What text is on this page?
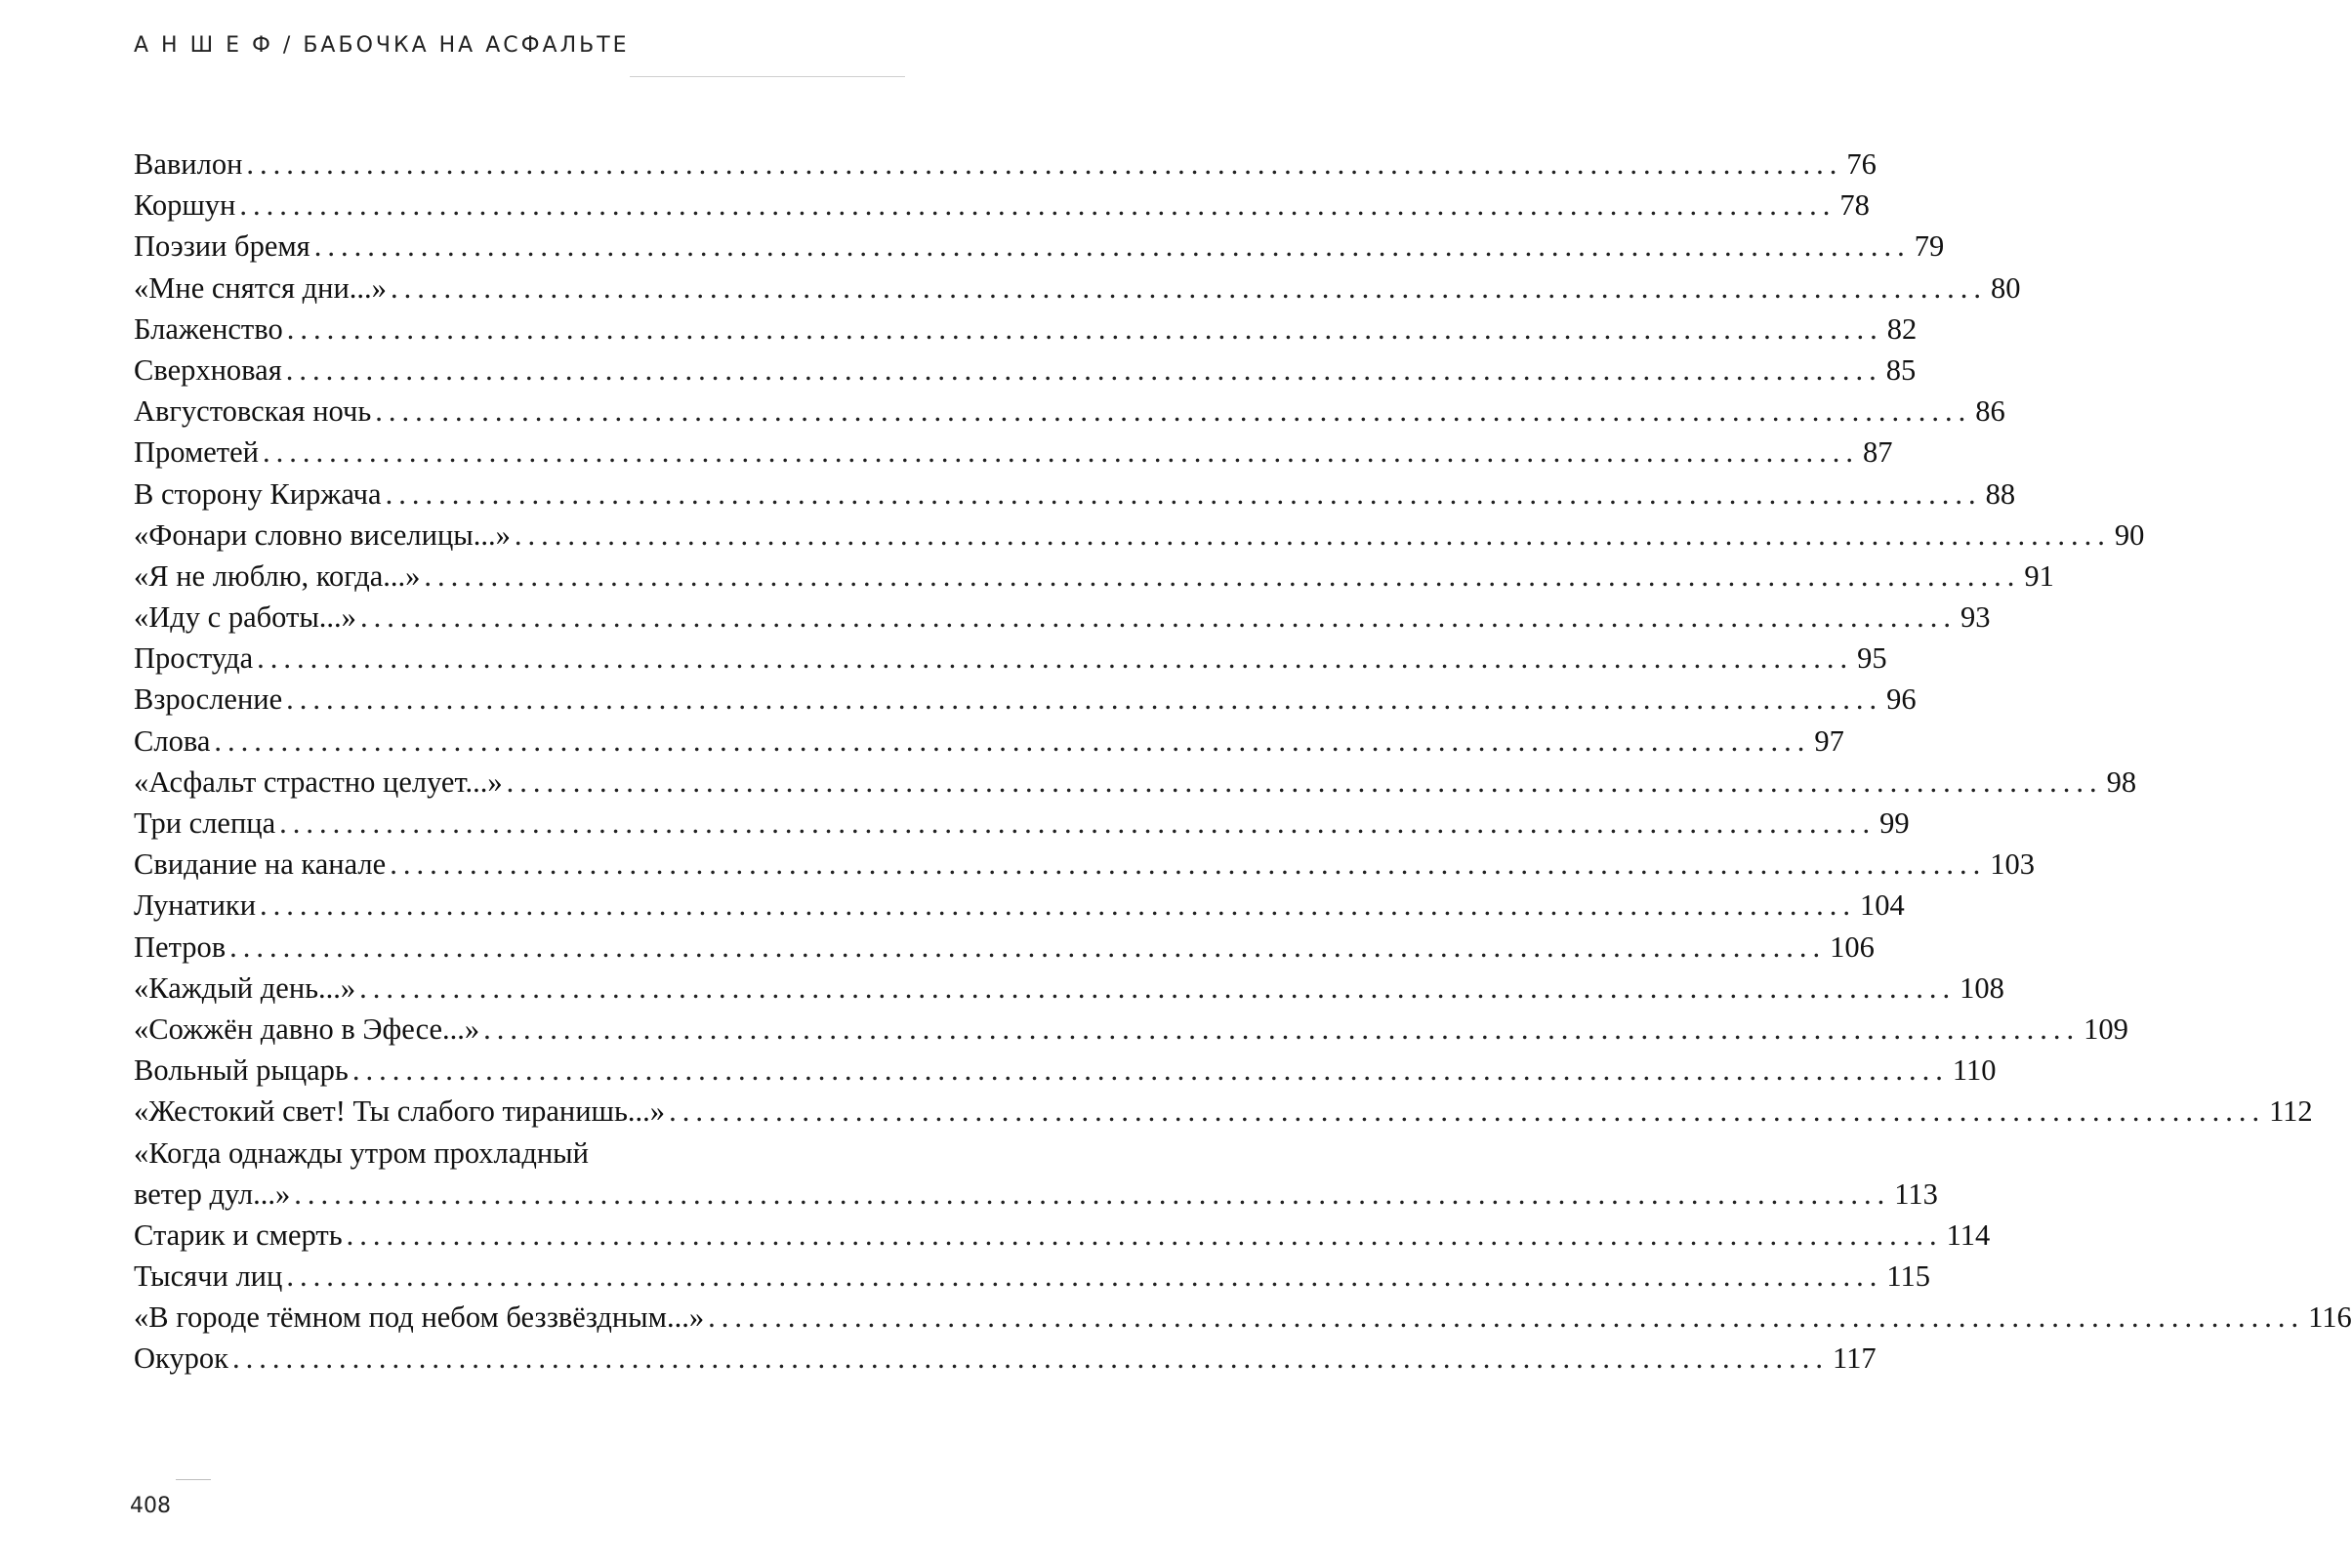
А Н Ш Е Ф / БАБОЧКА НА АСФАЛЬТЕ
Вавилон ........................................................................................................................ 76
Коршун ........................................................................................................................ 78
Поэзии бремя ........................................................................................................................ 79
«Мне снятся дни...» ........................................................................................................................ 80
Блаженство ........................................................................................................................ 82
Сверхновая ........................................................................................................................ 85
Августовская ночь ........................................................................................................................ 86
Прометей ........................................................................................................................ 87
В сторону Киржача ........................................................................................................................ 88
«Фонари словно виселицы...» ........................................................................................................................ 90
«Я не люблю, когда...» ........................................................................................................................ 91
«Иду с работы...» ........................................................................................................................ 93
Простуда ........................................................................................................................ 95
Взросление ........................................................................................................................ 96
Слова ........................................................................................................................ 97
«Асфальт страстно целует...» ........................................................................................................................ 98
Три слепца ........................................................................................................................ 99
Свидание на канале ........................................................................................................................ 103
Лунатики ........................................................................................................................ 104
Петров ........................................................................................................................ 106
«Каждый день...» ........................................................................................................................ 108
«Сожжён давно в Эфесе...» ........................................................................................................................ 109
Вольный рыцарь ........................................................................................................................ 110
«Жестокий свет! Ты слабого тиранишь...» ........................................................................................................................ 112
«Когда однажды утром прохладный
ветер дул...» ........................................................................................................................ 113
Старик и смерть ........................................................................................................................ 114
Тысячи лиц ........................................................................................................................ 115
«В городе тёмном под небом беззвёздным...» ........................................................................................................................ 116
Окурок ........................................................................................................................ 117
408
